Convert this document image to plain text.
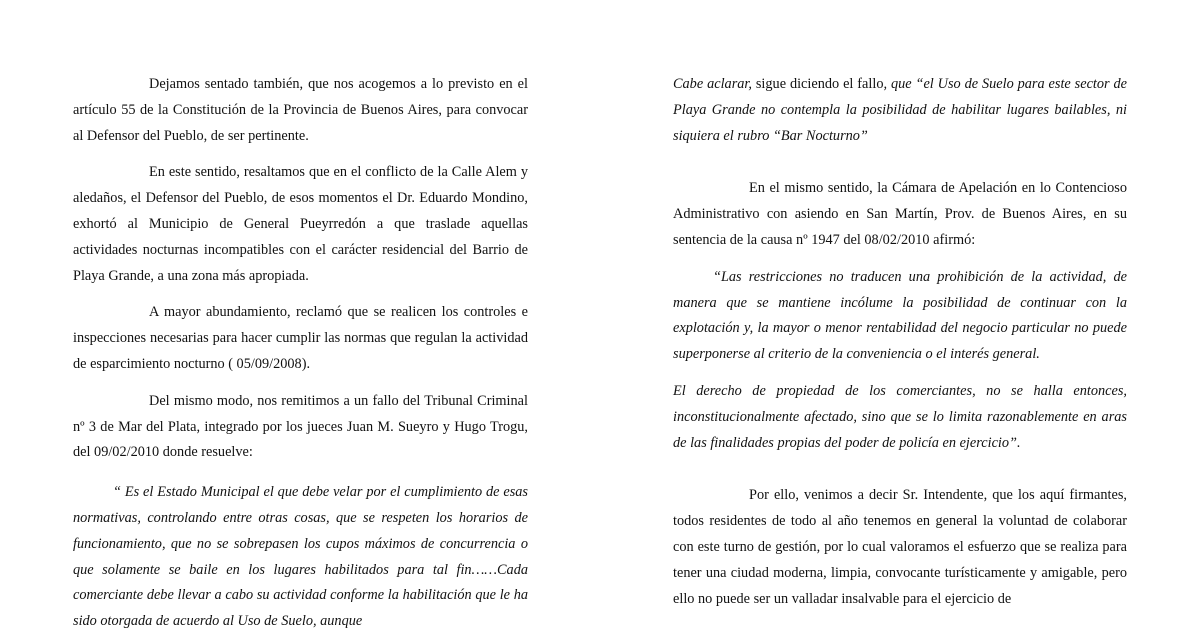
Dejamos sentado también, que nos acogemos a lo previsto en el artículo 55 de la Constitución de la Provincia de Buenos Aires, para convocar al Defensor del Pueblo, de ser pertinente.

En este sentido, resaltamos que en el conflicto de la Calle Alem y aledaños, el Defensor del Pueblo, de esos momentos el Dr. Eduardo Mondino, exhortó al Municipio de General Pueyrredón a que traslade aquellas actividades nocturnas incompatibles con el carácter residencial del Barrio de Playa Grande, a una zona más apropiada.

A mayor abundamiento, reclamó que se realicen los controles e inspecciones necesarias para hacer cumplir las normas que regulan la actividad de esparcimiento nocturno ( 05/09/2008).

Del mismo modo, nos remitimos a un fallo del Tribunal Criminal nº 3 de Mar del Plata, integrado por los jueces Juan M. Sueyro y Hugo Trogu, del 09/02/2010 donde resuelve:

“ Es el Estado Municipal el que debe velar por el cumplimiento de esas normativas, controlando entre otras cosas, que se respeten los horarios de funcionamiento, que no se sobrepasen los cupos máximos de concurrencia o que solamente se baile en los lugares habilitados para tal fin……Cada comerciante debe llevar a cabo su actividad conforme la habilitación que le ha sido otorgada de acuerdo al Uso de Suelo, aunque

Cabe aclarar, sigue diciendo el fallo, que “el Uso de Suelo para este sector de Playa Grande no contempla la posibilidad de habilitar lugares bailables, ni siquiera el rubro “Bar Nocturno”

En el mismo sentido, la Cámara de Apelación en lo Contencioso Administrativo con asiendo en San Martín, Prov. de Buenos Aires, en su sentencia de la causa nº 1947 del 08/02/2010 afirmó:

“Las restricciones no traducen una prohibición de la actividad, de manera que se mantiene incólume la posibilidad de continuar con la explotación y, la mayor o menor rentabilidad del negocio particular no puede superponerse al criterio de la conveniencia o el interés general.

El derecho de propiedad de los comerciantes, no se halla entonces, inconstitucionalmente afectado, sino que se lo limita razonablemente en aras de las finalidades propias del poder de policía en ejercicio”.

Por ello, venimos a decir Sr. Intendente, que los aquí firmantes, todos residentes de todo al año tenemos en general la voluntad de colaborar con este turno de gestión, por lo cual valoramos el esfuerzo que se realiza para tener una ciudad moderna, limpia, convocante turísticamente y amigable, pero ello no puede ser un valladar insalvable para el ejercicio de
